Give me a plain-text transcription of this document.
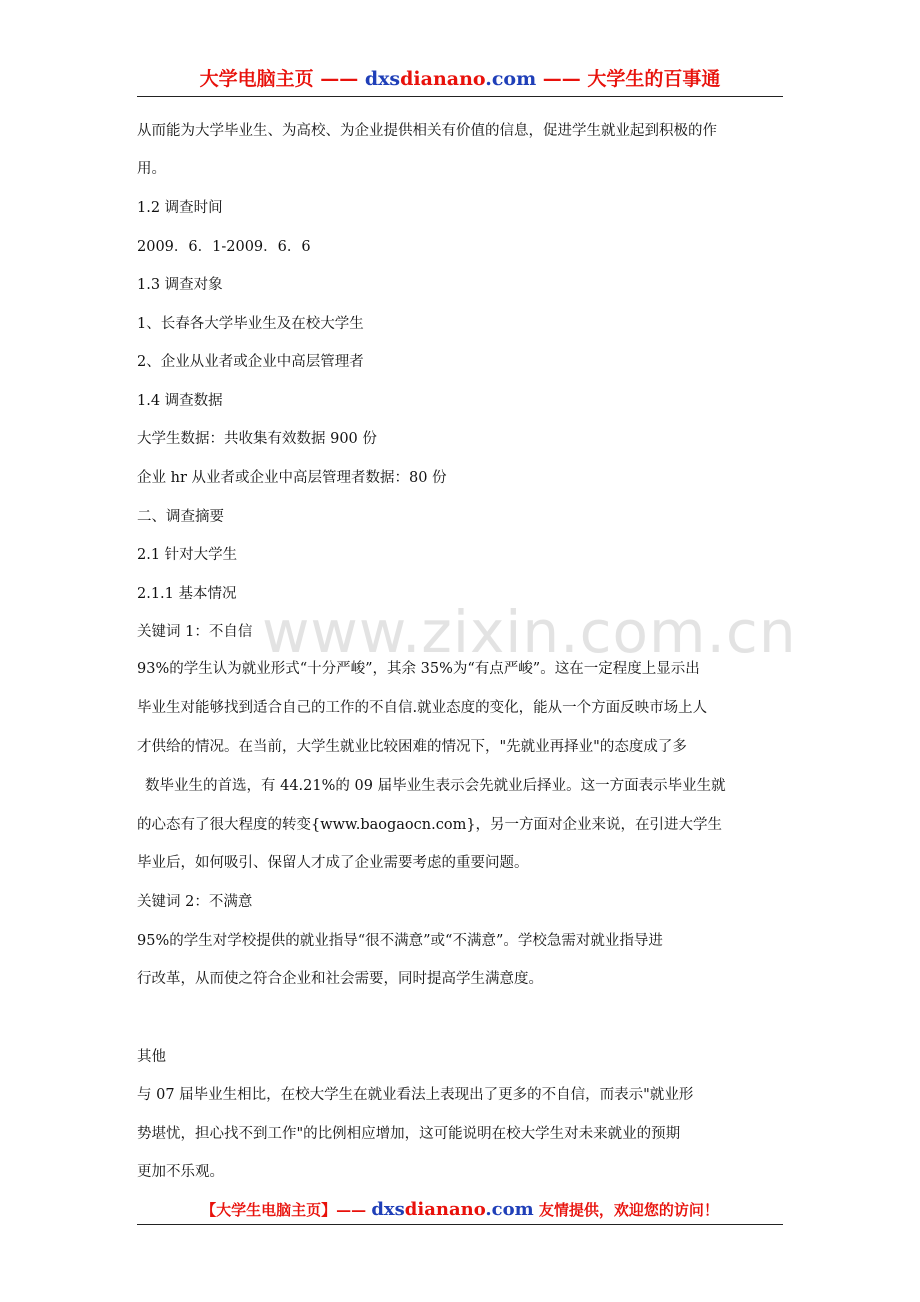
大学电脑主页 —— dxsdianano.com —— 大学生的百事通
www.zixin.com.cn
从而能为大学毕业生、为高校、为企业提供相关有价值的信息，促进学生就业起到积极的作
用。
1.2 调查时间
2009．6．1-2009．6．6
1.3 调查对象
1、长春各大学毕业生及在校大学生
2、企业从业者或企业中高层管理者
1.4 调查数据
大学生数据：共收集有效数据 900 份
企业 hr 从业者或企业中高层管理者数据：80 份
二、调查摘要
2.1 针对大学生
2.1.1 基本情况
关键词 1：不自信
93%的学生认为就业形式“十分严峻”，其余 35%为“有点严峻”。这在一定程度上显示出
毕业生对能够找到适合自己的工作的不自信.就业态度的变化，能从一个方面反映市场上人
才供给的情况。在当前，大学生就业比较困难的情况下，"先就业再择业"的态度成了多
数毕业生的首选，有 44.21%的 09 届毕业生表示会先就业后择业。这一方面表示毕业生就
的心态有了很大程度的转变{www.baogaocn.com}，另一方面对企业来说，在引进大学生
毕业后，如何吸引、保留人才成了企业需要考虑的重要问题。
关键词 2：不满意
95%的学生对学校提供的就业指导“很不满意”或“不满意”。学校急需对就业指导进
行改革，从而使之符合企业和社会需要，同时提高学生满意度。
其他
与 07 届毕业生相比，在校大学生在就业看法上表现出了更多的不自信，而表示"就业形
势堪忧，担心找不到工作"的比例相应增加，这可能说明在校大学生对未来就业的预期
更加不乐观。
【大学生电脑主页】—— dxsdianano.com 友情提供，欢迎您的访问！
